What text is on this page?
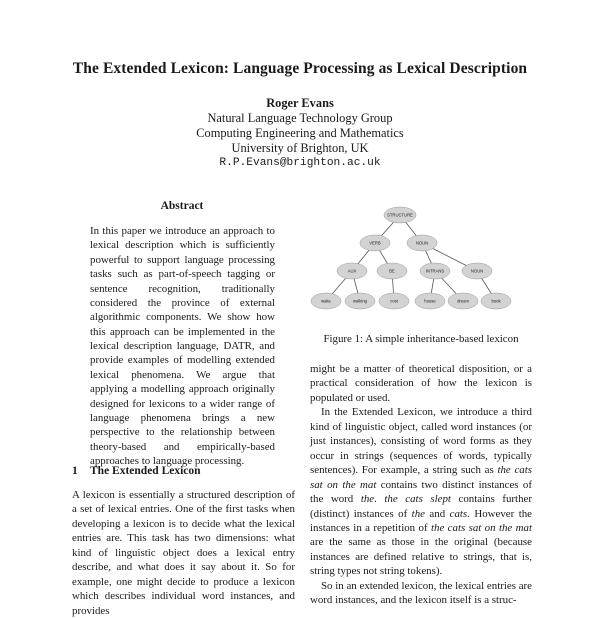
The Extended Lexicon: Language Processing as Lexical Description
Roger Evans
Natural Language Technology Group
Computing Engineering and Mathematics
University of Brighton, UK
R.P.Evans@brighton.ac.uk
Abstract
In this paper we introduce an approach to lexical description which is sufficiently powerful to support language processing tasks such as part-of-speech tagging or sentence recognition, traditionally considered the province of external algorithmic components. We show how this approach can be implemented in the lexical description language, DATR, and provide examples of modelling extended lexical phenomena. We argue that applying a modelling approach originally designed for lexicons to a wider range of language phenomena brings a new perspective to the relationship between theory-based and empirically-based approaches to language processing.
1 The Extended Lexicon
A lexicon is essentially a structured description of a set of lexical entries. One of the first tasks when developing a lexicon is to decide what the lexical entries are. This task has two dimensions: what kind of linguistic object does a lexical entry describe, and what does it say about it. So for example, one might decide to produce a lexicon which describes individual word instances, and provides
STRUCTURE
VERB	NOUN
AUX	BE	INTRANS	NOUN
wake	walking	cost	house	dream	book
Figure 1: A simple inheritance-based lexicon

might be a matter of theoretical disposition, or a practical consideration of how the lexicon is populated or used.

In the Extended Lexicon, we introduce a third kind of linguistic object, called word instances (or just instances), consisting of word forms as they occur in strings (sequences of words, typically sentences). For example, a string such as the cats sat on the mat contains two distinct instances of the word the. the cats slept contains further (distinct) instances of the and cats. However the instances in a repetition of the cats sat on the mat are the same as those in the original (because instances are defined relative to strings, that is, string types not string tokens).

So in an extended lexicon, the lexical entries are word instances, and the lexicon itself is a struc-
